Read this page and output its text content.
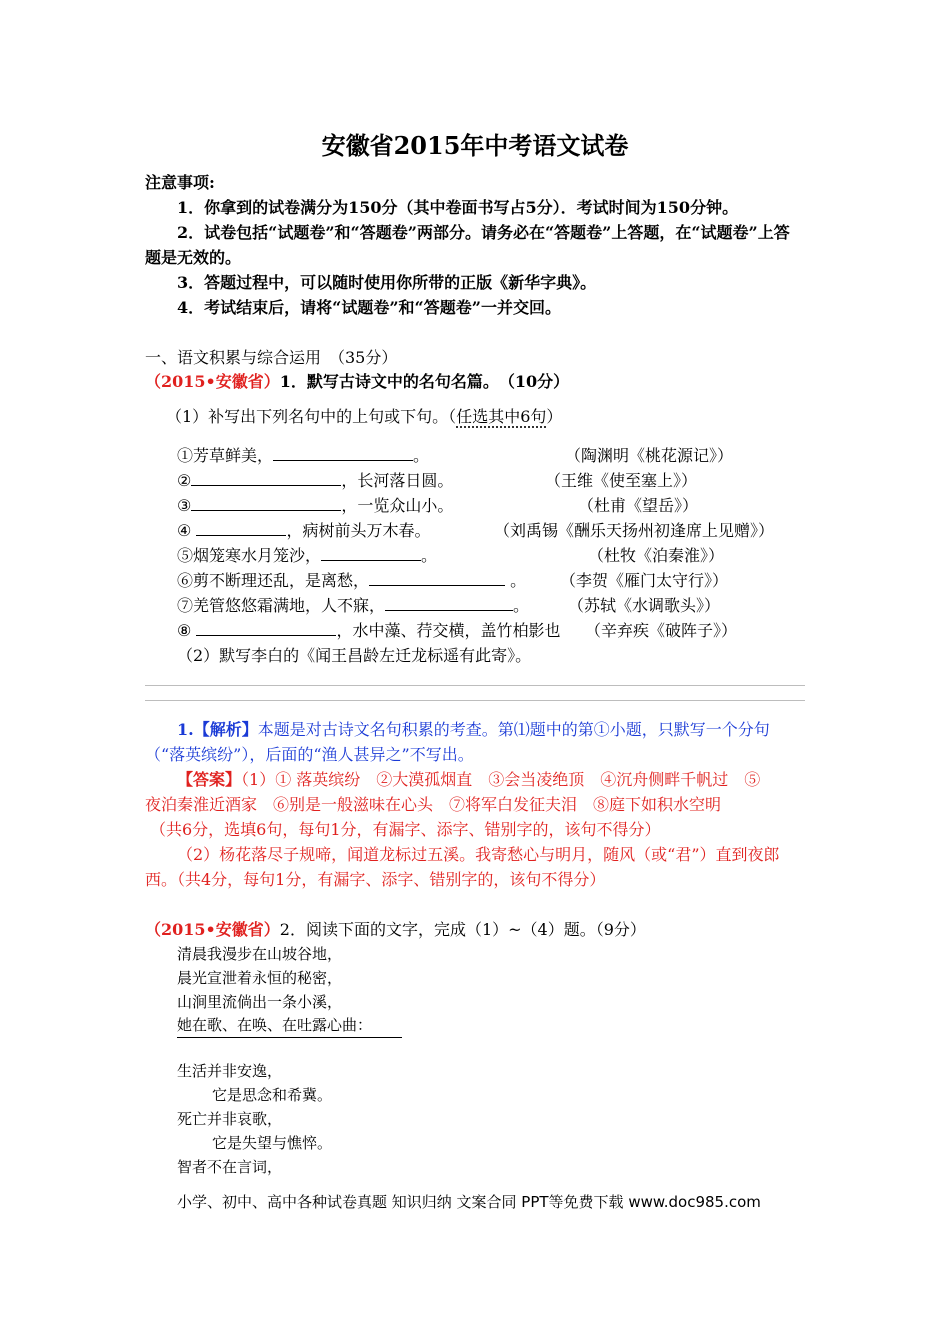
安徽省2015年中考语文试卷
注意事项:
1．你拿到的试卷满分为150分（其中卷面书写占5分）．考试时间为150分钟。
2．试卷包括“试题卷”和“答题卷”两部分。请务必在“答题卷”上答题，在“试题卷”上答
题是无效的。
3．答题过程中，可以随时使用你所带的正版《新华字典》。
4．考试结束后，请将“试题卷”和“答题卷”一并交回。
一、语文积累与综合运用　（35分）
（2015•安徽省）1．默写古诗文中的名句名篇。　（10分）
（1）补写出下列名句中的上句或下句。（任选其中6句）
①芳草鲜美，	。	（陶渊明《桃花源记》）
②	，长河落日圆。	（王维《使至塞上》）
③	，一览众山小。	（杜甫《望岳》）
④	，病树前头万木春。	（刘禹锡《酬乐天扬州初逢席上见赠》）
⑤烟笼寒水月笼沙，	。	（杜牧《泊秦淮》）
⑥剪不断理还乱，是离愁，	。 （李贺《雁门太守行》）
⑦羌管悠悠霜满地，人不寐，	。 （苏轼《水调歌头》）
⑧	，水中藻、荇交横，盖竹柏影也 （辛弃疾《破阵子》）
（2）默写李白的《闻王昌龄左迁龙标遥有此寄》。
1.【解析】本题是对古诗文名句积累的考查。第⑴题中的第①小题，只默写一个分句
（“落英缤纷”），后面的“渔人甚异之”不写出。
【答案】（1）① 落英缤纷　②大漠孤烟直　③会当凌绝顶　④沉舟侧畔千帆过　⑤
夜泊秦淮近酒家　⑥别是一般滋味在心头　⑦将军白发征夫泪　⑧庭下如积水空明
（共6分，选填6句，每句1分，有漏字、添字、错别字的，该句不得分）
（2）杨花落尽子规啼，闻道龙标过五溪。我寄愁心与明月，随风（或“君”）直到夜郎
西。（共4分，每句1分，有漏字、添字、错别字的，该句不得分）
（2015•安徽省）2．阅读下面的文字，完成（1）~（4）题。（9分）
清晨我漫步在山坡谷地，
晨光宣泄着永恒的秘密，
山涧里流倘出一条小溪，
她在歌、在唤、在吐露心曲：
生活并非安逸，
它是思念和希冀。
死亡并非哀歌，
它是失望与憔悴。
智者不在言词，
小学、初中、高中各种试卷真题 知识归纳 文案合同 PPT等免费下载 www.doc985.com
